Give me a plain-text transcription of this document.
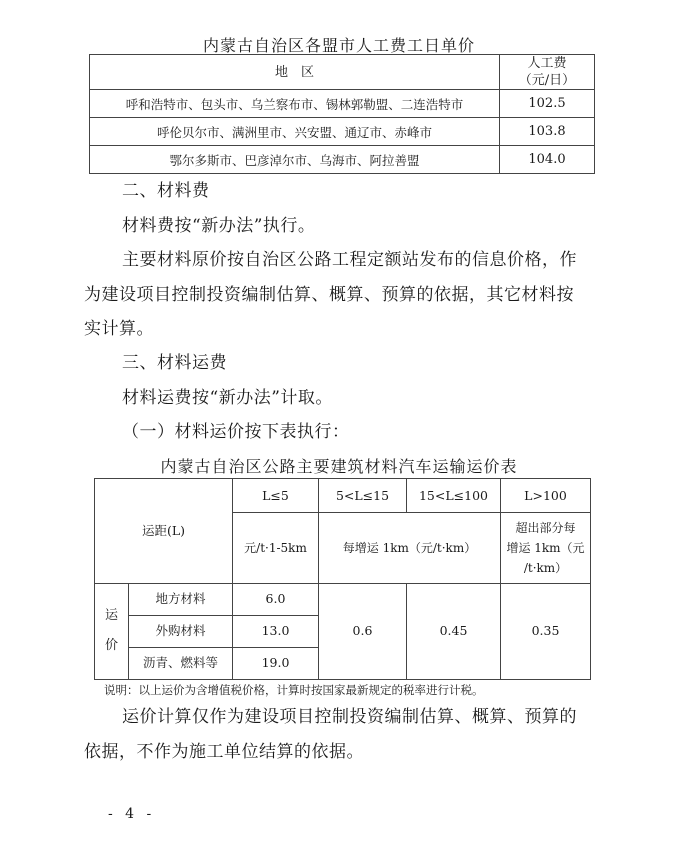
内蒙古自治区各盟市人工费工日单价
地　区	人工费
（元/日）

呼和浩特市、包头市、乌兰察布市、锡林郭勒盟、二连浩特市	102.5
呼伦贝尔市、满洲里市、兴安盟、通辽市、赤峰市	103.8
鄂尔多斯市、巴彦淖尔市、乌海市、阿拉善盟	104.0
二、材料费
材料费按“新办法”执行。
主要材料原价按自治区公路工程定额站发布的信息价格，作
为建设项目控制投资编制估算、概算、预算的依据，其它材料按
实计算。
三、材料运费
材料运费按“新办法”计取。
（一）材料运价按下表执行：
内蒙古自治区公路主要建筑材料汽车运输运价表
运距(L)		L≤5	5<L≤15	15<L≤100	L>100
		元/t·1-5km	每增运 1km（元/t·km）		超出部分每
增运 1km（元
/t·km）

运
价	地方材料	6.0	0.6	0.45	0.35
	外购材料	13.0			
	沥青、燃料等	19.0			
说明：以上运价为含增值税价格，计算时按国家最新规定的税率进行计税。
运价计算仅作为建设项目控制投资编制估算、概算、预算的
依据，不作为施工单位结算的依据。
- 4 -
